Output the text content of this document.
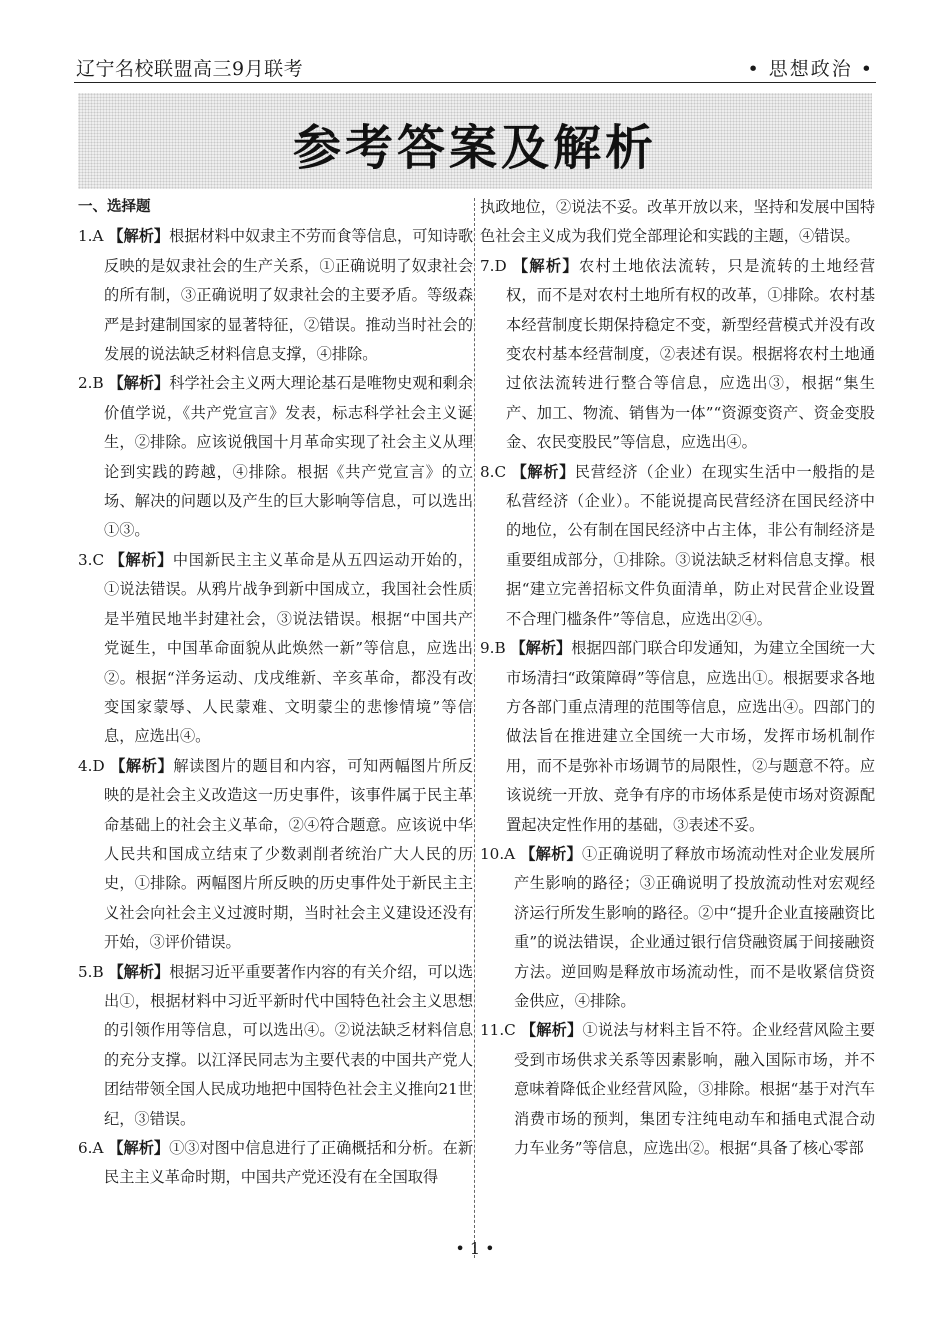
辽宁名校联盟高三9月联考	• 思想政治 •
参考答案及解析
一、选择题
1.A 【解析】根据材料中奴隶主不劳而食等信息，可知诗歌反映的是奴隶社会的生产关系，①正确说明了奴隶社会的所有制，③正确说明了奴隶社会的主要矛盾。等级森严是封建制国家的显著特征，②错误。推动当时社会的发展的说法缺乏材料信息支撑，④排除。
2.B 【解析】科学社会主义两大理论基石是唯物史观和剩余价值学说，《共产党宣言》发表，标志科学社会主义诞生，②排除。应该说俄国十月革命实现了社会主义从理论到实践的跨越，④排除。根据《共产党宣言》的立场、解决的问题以及产生的巨大影响等信息，可以选出①③。
3.C 【解析】中国新民主主义革命是从五四运动开始的，①说法错误。从鸦片战争到新中国成立，我国社会性质是半殖民地半封建社会，③说法错误。根据“中国共产党诞生，中国革命面貌从此焕然一新”等信息，应选出②。根据“洋务运动、戊戌维新、辛亥革命，都没有改变国家蒙辱、人民蒙难、文明蒙尘的悲惨情境”等信息，应选出④。
4.D 【解析】解读图片的题目和内容，可知两幅图片所反映的是社会主义改造这一历史事件，该事件属于民主革命基础上的社会主义革命，②④符合题意。应该说中华人民共和国成立结束了少数剥削者统治广大人民的历史，①排除。两幅图片所反映的历史事件处于新民主主义社会向社会主义过渡时期，当时社会主义建设还没有开始，③评价错误。
5.B 【解析】根据习近平重要著作内容的有关介绍，可以选出①，根据材料中习近平新时代中国特色社会主义思想的引领作用等信息，可以选出④。②说法缺乏材料信息的充分支撑。以江泽民同志为主要代表的中国共产党人团结带领全国人民成功地把中国特色社会主义推向21世纪，③错误。
6.A 【解析】①③对图中信息进行了正确概括和分析。在新民主主义革命时期，中国共产党还没有在全国取得
执政地位，②说法不妥。改革开放以来，坚持和发展中国特色社会主义成为我们党全部理论和实践的主题，④错误。
7.D 【解析】农村土地依法流转，只是流转的土地经营权，而不是对农村土地所有权的改革，①排除。农村基本经营制度长期保持稳定不变，新型经营模式并没有改变农村基本经营制度，②表述有误。根据将农村土地通过依法流转进行整合等信息，应选出③，根据“集生产、加工、物流、销售为一体”“资源变资产、资金变股金、农民变股民”等信息，应选出④。
8.C 【解析】民营经济（企业）在现实生活中一般指的是私营经济（企业）。不能说提高民营经济在国民经济中的地位，公有制在国民经济中占主体，非公有制经济是重要组成部分，①排除。③说法缺乏材料信息支撑。根据“建立完善招标文件负面清单，防止对民营企业设置不合理门槛条件”等信息，应选出②④。
9.B 【解析】根据四部门联合印发通知，为建立全国统一大市场清扫“政策障碍”等信息，应选出①。根据要求各地方各部门重点清理的范围等信息，应选出④。四部门的做法旨在推进建立全国统一大市场，发挥市场机制作用，而不是弥补市场调节的局限性，②与题意不符。应该说统一开放、竞争有序的市场体系是使市场对资源配置起决定性作用的基础，③表述不妥。
10.A 【解析】①正确说明了释放市场流动性对企业发展所产生影响的路径；③正确说明了投放流动性对宏观经济运行所发生影响的路径。②中“提升企业直接融资比重”的说法错误，企业通过银行信贷融资属于间接融资方法。逆回购是释放市场流动性，而不是收紧信贷资金供应，④排除。
11.C 【解析】①说法与材料主旨不符。企业经营风险主要受到市场供求关系等因素影响，融入国际市场，并不意味着降低企业经营风险，③排除。根据“基于对汽车消费市场的预判，集团专注纯电动车和插电式混合动力车业务”等信息，应选出②。根据“具备了核心零部
• 1 •
